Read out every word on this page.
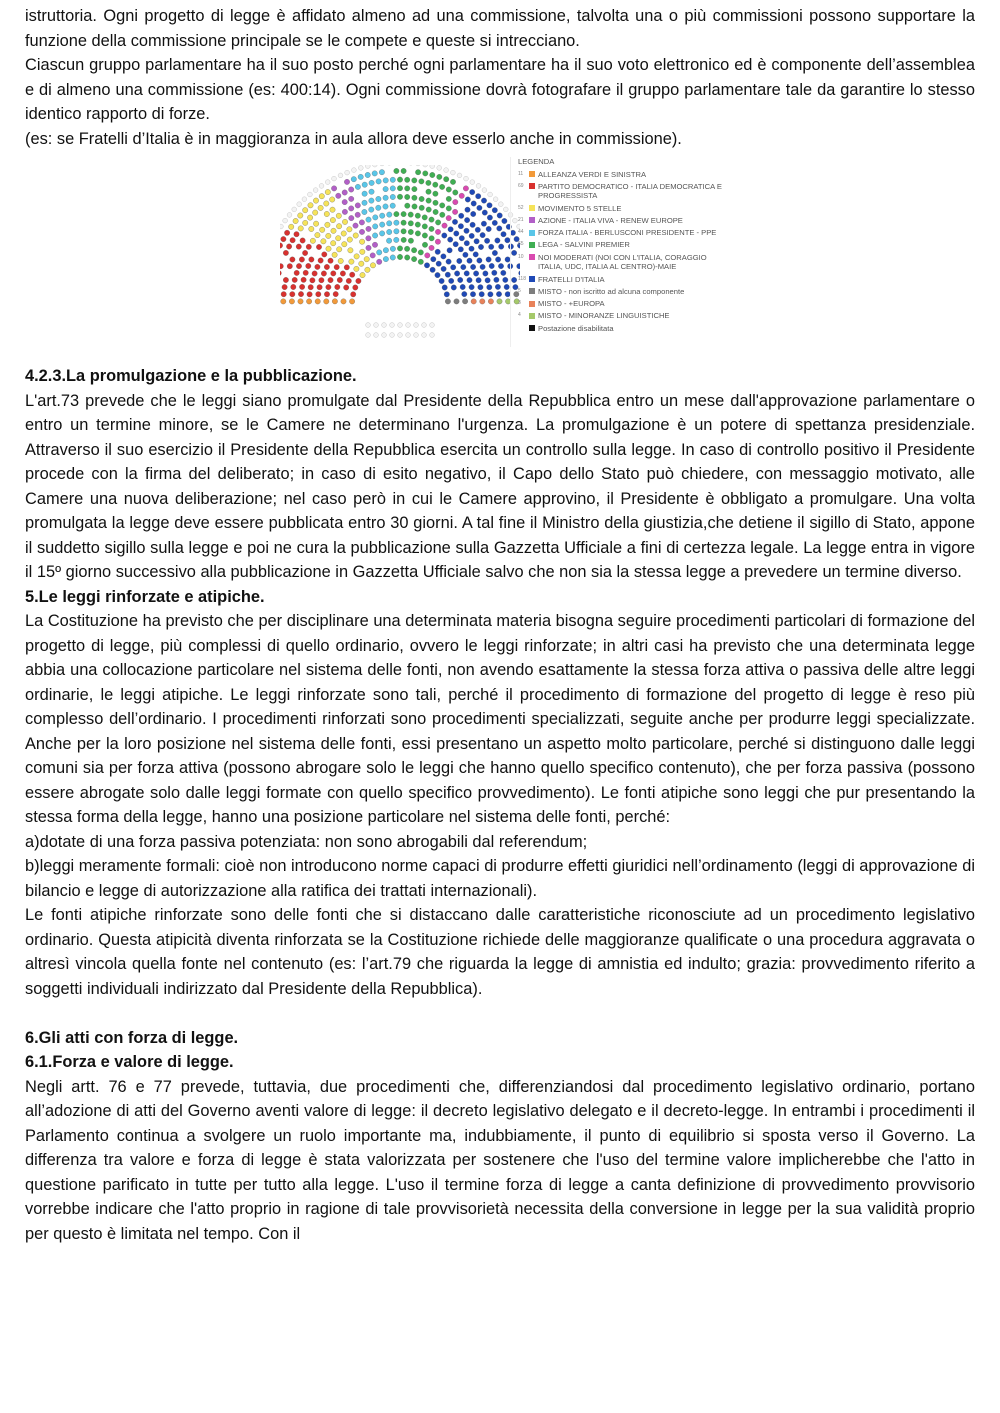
istruttoria. Ogni progetto di legge è affidato almeno ad una commissione, talvolta una o più commissioni possono supportare la funzione della commissione principale se le compete e queste si intrecciano.

Ciascun gruppo parlamentare ha il suo posto perché ogni parlamentare ha il suo voto elettronico ed è componente dell’assemblea e di almeno una commissione (es: 400:14). Ogni commissione dovrà fotografare il gruppo parlamentare tale da garantire lo stesso identico rapporto di forze.

(es: se Fratelli d’Italia è in maggioranza in aula allora deve esserlo anche in commissione).

LEGENDA
11	ALLEANZA VERDI E SINISTRA
69	PARTITO DEMOCRATICO - ITALIA DEMOCRATICA E PROGRESSISTA
52	MOVIMENTO 5 STELLE
21	AZIONE - ITALIA VIVA - RENEW EUROPE
44	FORZA ITALIA - BERLUSCONI PRESIDENTE - PPE
65	LEGA - SALVINI PREMIER
10	NOI MODERATI (NOI CON L'ITALIA, CORAGGIO ITALIA, UDC, ITALIA AL CENTRO)-MAIE
118	FRATELLI D'ITALIA
5	MISTO - non iscritto ad alcuna componente
3	MISTO - +EUROPA
4	MISTO - MINORANZE LINGUISTICHE
Postazione disabilitata

4.2.3.La promulgazione e la pubblicazione.

L'art.73 prevede che le leggi siano promulgate dal Presidente della Repubblica entro un mese dall'approvazione parlamentare o entro un termine minore, se le Camere ne determinano l'urgenza. La promulgazione è un potere di spettanza presidenziale. Attraverso il suo esercizio il Presidente della Repubblica esercita un controllo sulla legge. In caso di controllo positivo il Presidente procede con la firma del deliberato; in caso di esito negativo, il Capo dello Stato può chiedere, con messaggio motivato, alle Camere una nuova deliberazione; nel caso però in cui le Camere approvino, il Presidente è obbligato a promulgare. Una volta promulgata la legge deve essere pubblicata entro 30 giorni. A tal fine il Ministro della giustizia,che detiene il sigillo di Stato, appone il suddetto sigillo sulla legge e poi ne cura la pubblicazione sulla Gazzetta Ufficiale a fini di certezza legale. La legge entra in vigore il 15º giorno successivo alla pubblicazione in Gazzetta Ufficiale salvo che non sia la stessa legge a prevedere un termine diverso.

5.Le leggi rinforzate e atipiche.

La Costituzione ha previsto che per disciplinare una determinata materia bisogna seguire procedimenti particolari di formazione del progetto di legge, più complessi di quello ordinario, ovvero le leggi rinforzate; in altri casi ha previsto che una determinata legge abbia una collocazione particolare nel sistema delle fonti, non avendo esattamente la stessa forza attiva o passiva delle altre leggi ordinarie, le leggi atipiche. Le leggi rinforzate sono tali, perché il procedimento di formazione del progetto di legge è reso più complesso dell’ordinario. I procedimenti rinforzati sono procedimenti specializzati, seguite anche per produrre leggi specializzate. Anche per la loro posizione nel sistema delle fonti, essi presentano un aspetto molto particolare, perché si distinguono dalle leggi comuni sia per forza attiva (possono abrogare solo le leggi che hanno quello specifico contenuto), che per forza passiva (possono essere abrogate solo dalle leggi formate con quello specifico provvedimento). Le fonti atipiche sono leggi che pur presentando la stessa forma della legge, hanno una posizione particolare nel sistema delle fonti, perché:

a)dotate di una forza passiva potenziata: non sono abrogabili dal referendum;

b)leggi meramente formali: cioè non introducono norme capaci di produrre effetti giuridici nell’ordinamento (leggi di approvazione di bilancio e legge di autorizzazione alla ratifica dei trattati internazionali).

Le fonti atipiche rinforzate sono delle fonti che si distaccano dalle caratteristiche riconosciute ad un procedimento legislativo ordinario. Questa atipicità diventa rinforzata se la Costituzione richiede delle maggioranze qualificate o una procedura aggravata o altresì vincola quella fonte nel contenuto (es: l’art.79 che riguarda la legge di amnistia ed indulto; grazia: provvedimento riferito a soggetti individuali indirizzato dal Presidente della Repubblica).

6.Gli atti con forza di legge.

6.1.Forza e valore di legge.

Negli artt. 76 e 77 prevede, tuttavia, due procedimenti che, differenziandosi dal procedimento legislativo ordinario, portano all’adozione di atti del Governo aventi valore di legge: il decreto legislativo delegato e il decreto-legge. In entrambi i procedimenti il Parlamento continua a svolgere un ruolo importante ma, indubbiamente, il punto di equilibrio si sposta verso il Governo. La differenza tra valore e forza di legge è stata valorizzata per sostenere che l'uso del termine valore implicherebbe che l'atto in questione parificato in tutte per tutto alla legge. L'uso il termine forza di legge a canta definizione di provvedimento provvisorio vorrebbe indicare che l'atto proprio in ragione di tale provvisorietà necessita della conversione in legge per la sua validità proprio per questo è limitata nel tempo. Con il
